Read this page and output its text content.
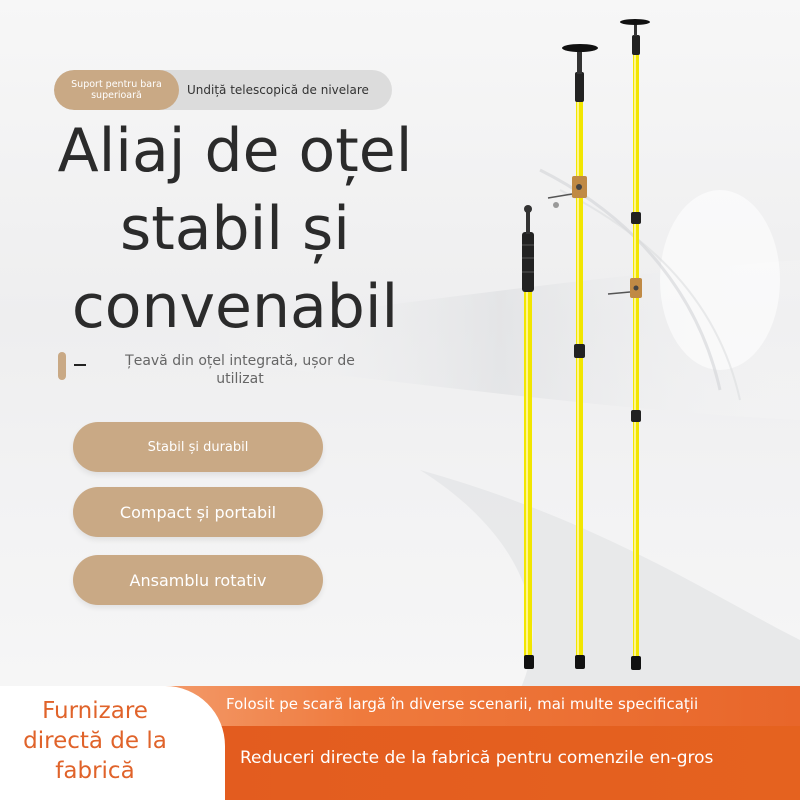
Suport pentru bara superioară	Undiță telescopică de nivelare
Aliaj de oțel
stabil și
convenabil

Țeavă din oțel integrată, ușor de utilizat

Stabil și durabil
Compact și portabil
Ansamblu rotativ
Furnizare directă de la fabrică
Folosit pe scară largă în diverse scenarii, mai multe specificații
Reduceri directe de la fabrică pentru comenzile en-gros
